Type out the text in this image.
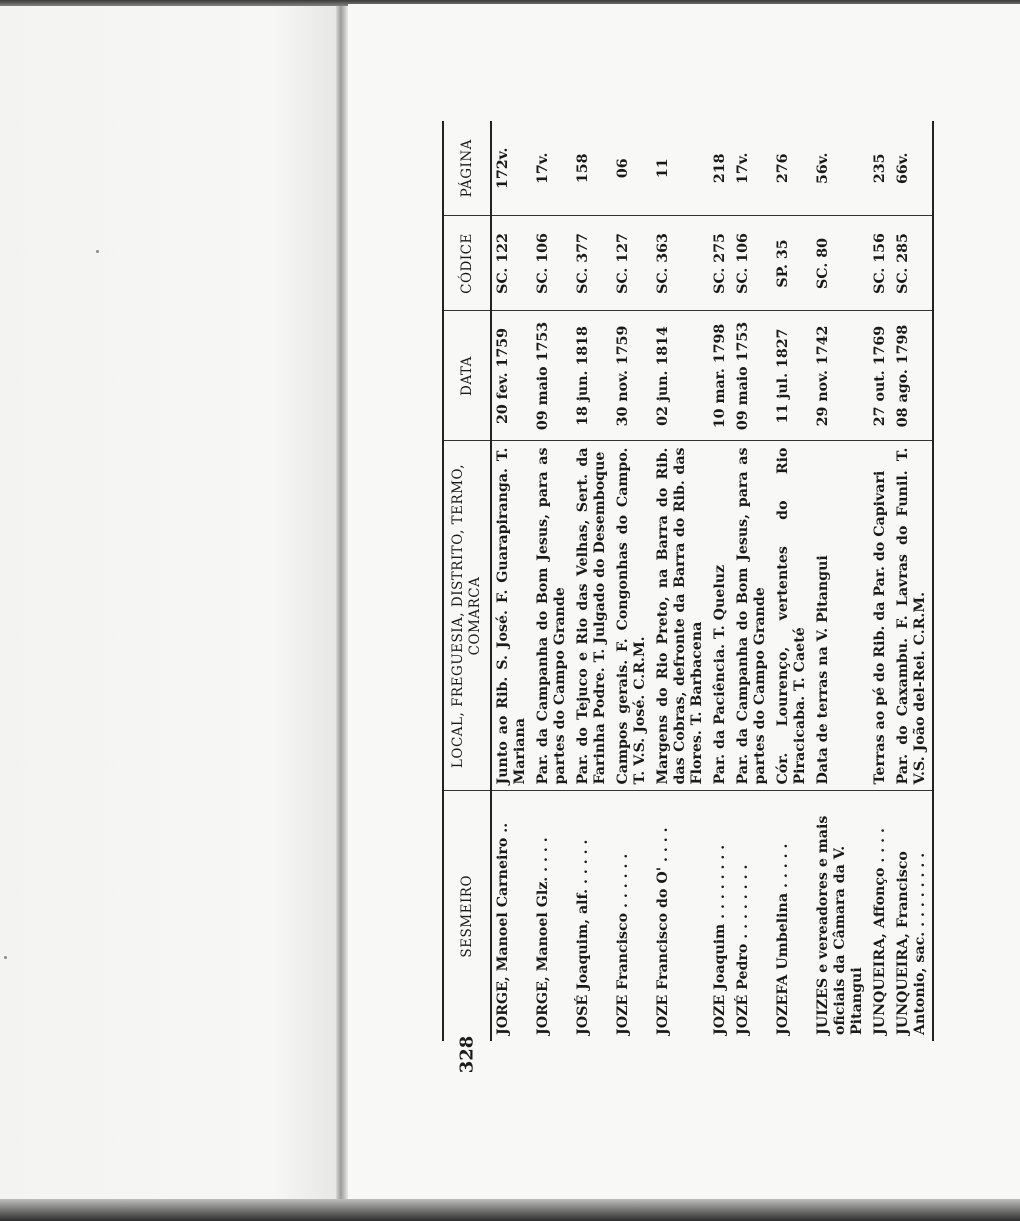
328
SESMEIRO	LOCAL, FREGUESIA, DISTRITO, TERMO, COMARCA	DATA	CÓDICE	PÁGINA
JORGE, Manoel Carneiro ..	Junto ao Rib. S. José. F. Guarapiranga. T. Mariana	20 fev. 1759	SC. 122	172v.
JORGE, Manoel Glz. . . . .	Par. da Campanha do Bom Jesus, para as partes do Campo Grande	09 maio 1753	SC. 106	17v.
JOSÉ Joaquim, alf. . . . . .	Par. do Tejuco e Rio das Velhas, Sert. da Farinha Podre. T. Julgado do Desemboque	18 jun. 1818	SC. 377	158
JOZE Francisco . . . . . .	Campos gerais. F. Congonhas do Campo. T. V.S. José. C.R.M.	30 nov. 1759	SC. 127	06
JOZE Francisco do O' . . . .	Margens do Rio Preto, na Barra do Rib. das Cobras, defronte da Barra do Rib. das Flores. T. Barbacena	02 jun. 1814	SC. 363	11
JOZE Joaquim . . . . . . . .	Par. da Paciência. T. Queluz	10 mar. 1798	SC. 275	218
JOZÉ Pedro . . . . . . . .	Par. da Campanha do Bom Jesus, para as partes do Campo Grande	09 maio 1753	SC. 106	17v.
JOZEFA Umbelina . . . . .	Cór. Lourenço, vertentes do Rio Piracicaba. T. Caeté	11 jul. 1827	SP. 35	276
JUIZES e vereadores e mais oficiais da Câmara da V. Pitangui	Data de terras na V. Pitangui	29 nov. 1742	SC. 80	56v.
JUNQUEIRA, Affonço . . . .	Terras ao pé do Rib. da Par. do Capivari	27 out. 1769	SC. 156	235
JUNQUEIRA, Francisco Antonio, sac. . . . . . . . .	Par. do Caxambu. F. Lavras do Funil. T. V.S. João del-Rei. C.R.M.	08 ago. 1798	SC. 285	66v.
